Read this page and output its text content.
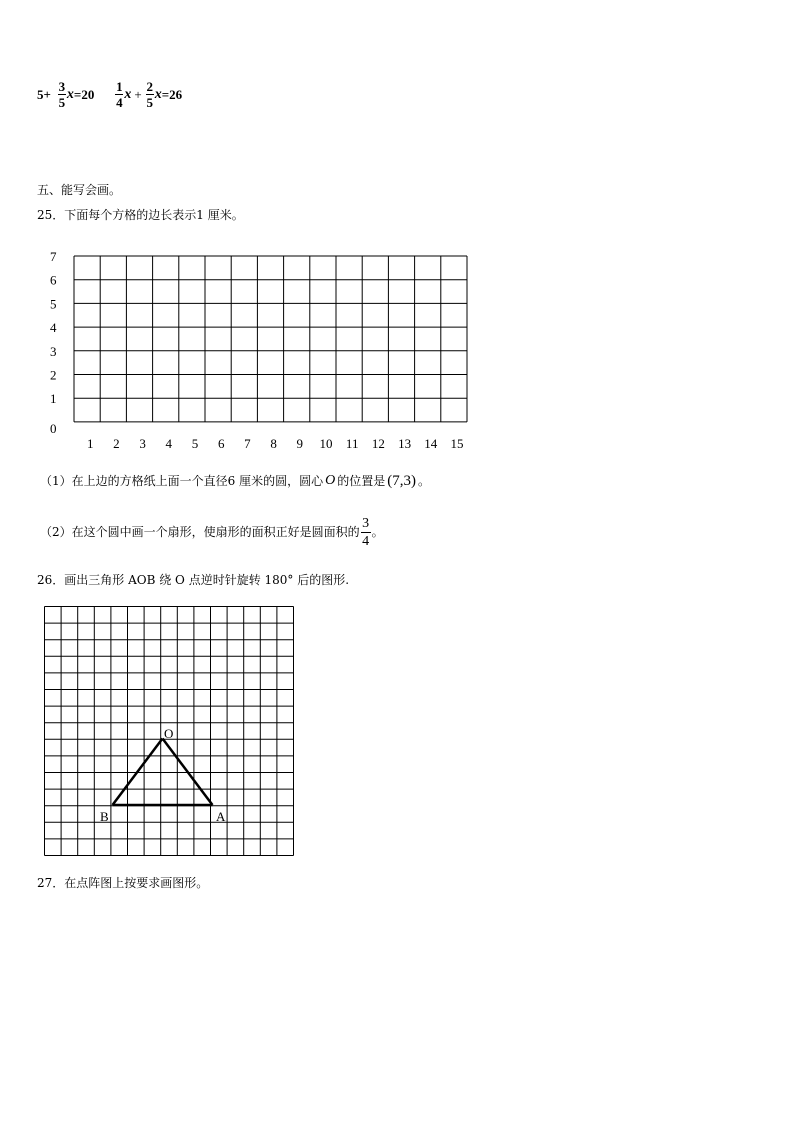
$5+ \frac{3}{5}$ $x =20 \frac{1}{4}$ $x + \frac{2}{5}$ x =26
五、能写会画。
25．下面每个方格的边长表示1 厘米。
0
1
2
3
4
5
6
7
1 2 3 4 5 6 7 8 9 10 11 12 13 14 15
（1）在上边的方格纸上面一个直径6 厘米的圆，圆心 O 的位置是 (7,3) 。
（2）在这个圆中画一个扇形，使扇形的面积正好是圆面积的 $\frac{3}{4}$ 。
26．画出三角形 AOB 绕 O 点逆时针旋转 180° 后的图形.
O
B	A
27．在点阵图上按要求画图形。
